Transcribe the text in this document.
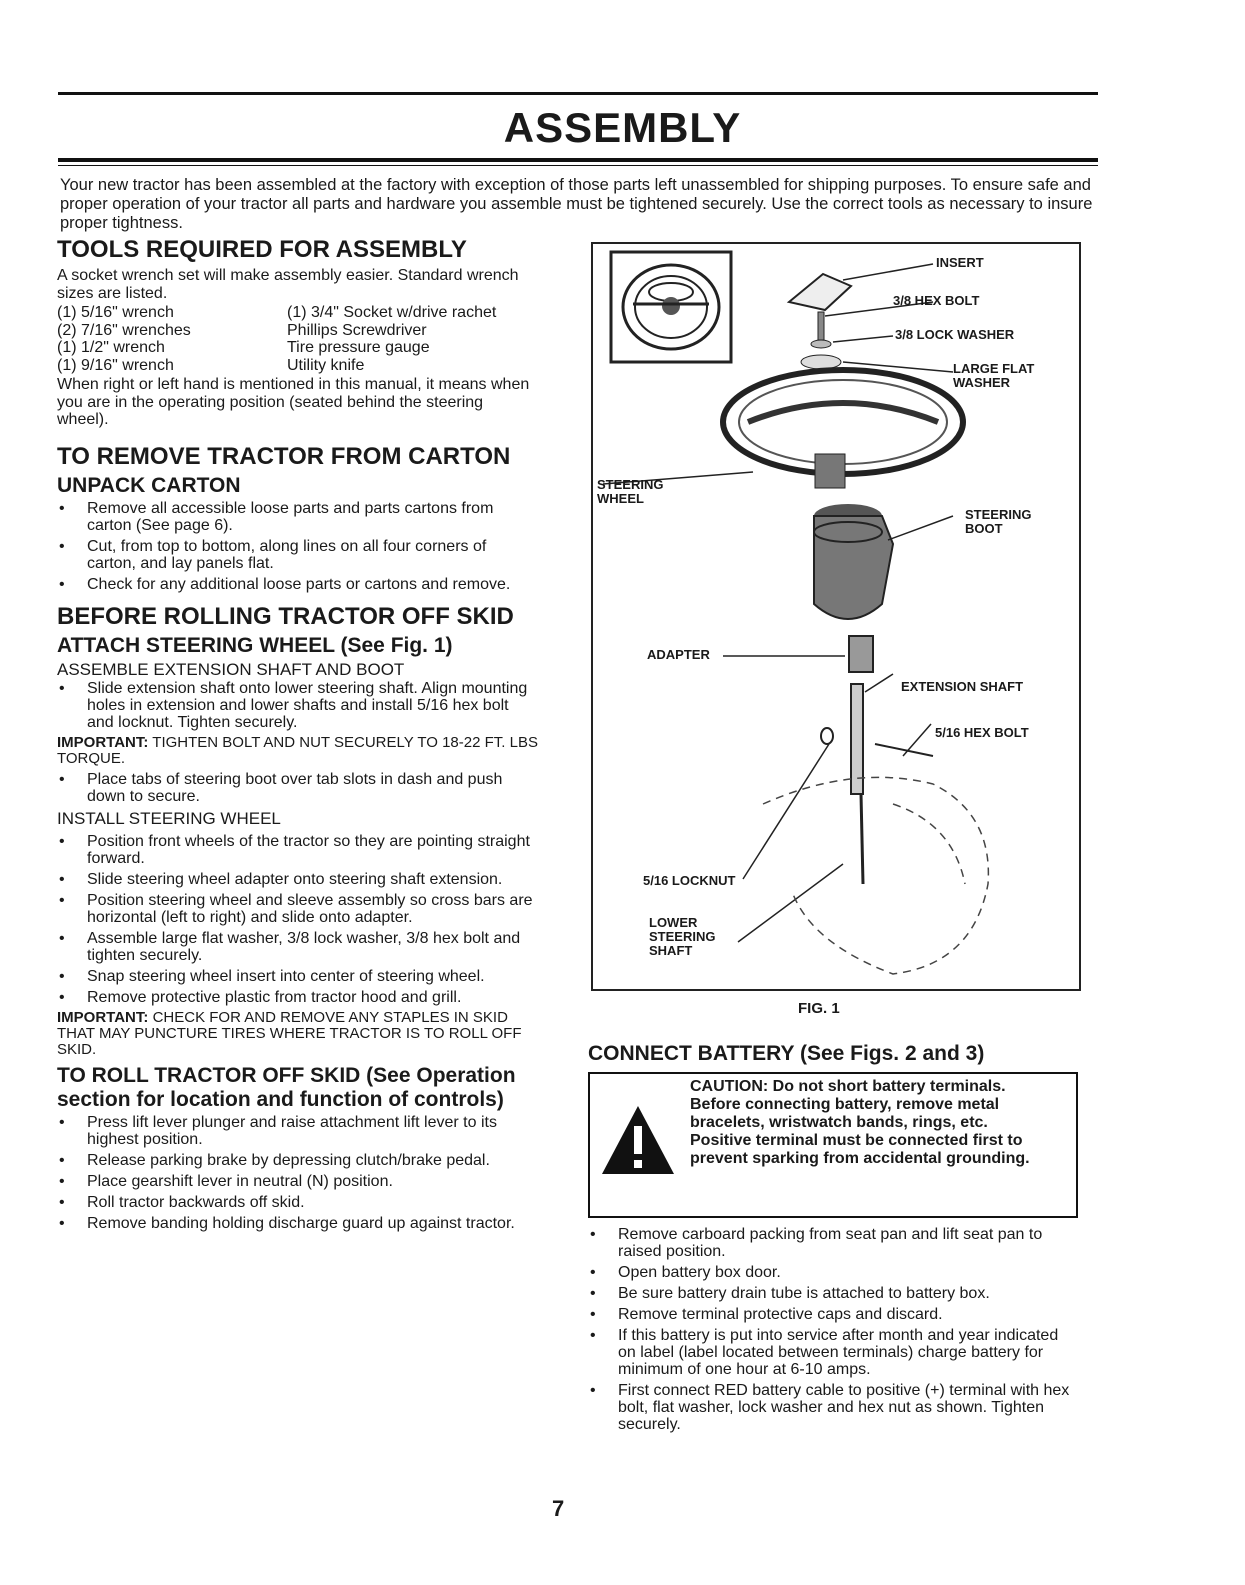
ASSEMBLY
Your new tractor has been assembled at the factory with exception of those parts left unassembled for shipping purposes. To ensure safe and proper operation of your tractor all parts and hardware you assemble must be tightened securely. Use the correct tools as necessary to insure proper tightness.
TOOLS REQUIRED FOR ASSEMBLY
A socket wrench set will make assembly easier. Standard wrench sizes are listed.
(1) 5/16" wrench	(1) 3/4" Socket w/drive rachet
(2) 7/16" wrenches	Phillips Screwdriver
(1) 1/2" wrench	Tire pressure gauge
(1) 9/16" wrench	Utility knife
When right or left hand is mentioned in this manual, it means when you are in the operating position (seated behind the steering wheel).
TO REMOVE TRACTOR FROM CARTON
UNPACK CARTON
• Remove all accessible loose parts and parts cartons from carton (See page 6).
• Cut, from top to bottom, along lines on all four corners of carton, and lay panels flat.
• Check for any additional loose parts or cartons and remove.
BEFORE ROLLING TRACTOR OFF SKID
ATTACH STEERING WHEEL (See Fig. 1)
ASSEMBLE EXTENSION SHAFT AND BOOT
• Slide extension shaft onto lower steering shaft. Align mounting holes in extension and lower shafts and install 5/16 hex bolt and locknut. Tighten securely.
IMPORTANT: TIGHTEN BOLT AND NUT SECURELY TO 18-22 FT. LBS TORQUE.
• Place tabs of steering boot over tab slots in dash and push down to secure.
INSTALL STEERING WHEEL
• Position front wheels of the tractor so they are pointing straight forward.
• Slide steering wheel adapter onto steering shaft extension.
• Position steering wheel and sleeve assembly so cross bars are horizontal (left to right) and slide onto adapter.
• Assemble large flat washer, 3/8 lock washer, 3/8 hex bolt and tighten securely.
• Snap steering wheel insert into center of steering wheel.
• Remove protective plastic from tractor hood and grill.
IMPORTANT: CHECK FOR AND REMOVE ANY STAPLES IN SKID THAT MAY PUNCTURE TIRES WHERE TRACTOR IS TO ROLL OFF SKID.
TO ROLL TRACTOR OFF SKID (See Operation section for location and function of controls)
• Press lift lever plunger and raise attachment lift lever to its highest position.
• Release parking brake by depressing clutch/brake pedal.
• Place gearshift lever in neutral (N) position.
• Roll tractor backwards off skid.
• Remove banding holding discharge guard up against tractor.
INSERT
3/8 HEX BOLT
3/8 LOCK WASHER
LARGE FLAT WASHER
STEERING WHEEL
STEERING BOOT
ADAPTER
EXTENSION SHAFT
5/16 HEX BOLT
5/16 LOCKNUT
LOWER STEERING SHAFT
FIG. 1
CONNECT BATTERY (See Figs. 2 and 3)
CAUTION: Do not short battery terminals. Before connecting battery, remove metal bracelets, wristwatch bands, rings, etc.
Positive terminal must be connected first to prevent sparking from accidental grounding.
• Remove carboard packing from seat pan and lift seat pan to raised position.
• Open battery box door.
• Be sure battery drain tube is attached to battery box.
• Remove terminal protective caps and discard.
• If this battery is put into service after month and year indicated on label (label located between terminals) charge battery for minimum of one hour at 6-10 amps.
• First connect RED battery cable to positive (+) terminal with hex bolt, flat washer, lock washer and hex nut as shown. Tighten securely.
7
